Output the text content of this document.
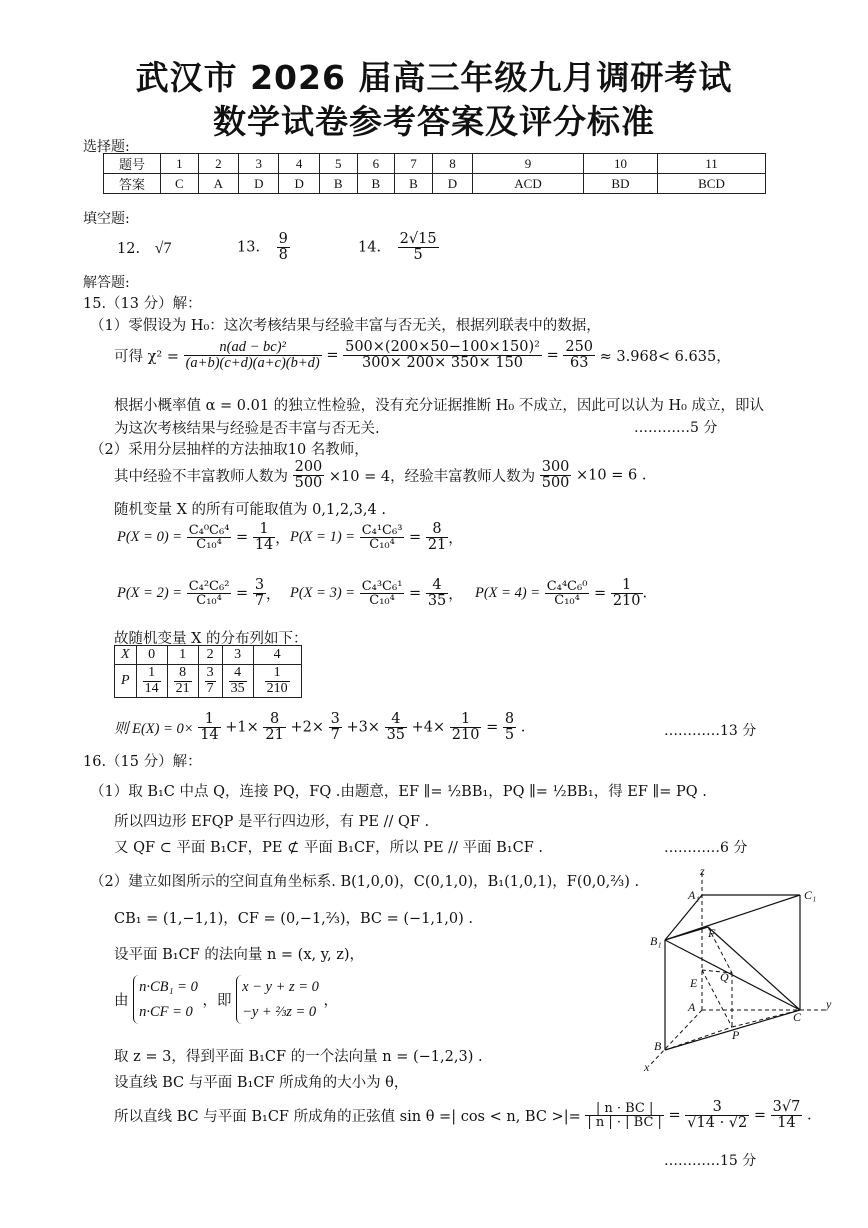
武汉市 2026 届高三年级九月调研考试
数学试卷参考答案及评分标准
选择题:
题号	1	2	3	4	5	6	7	8	9	10	11
答案	C	A	D	D	B	B	B	D	ACD	BD	BCD
填空题:
12. √7	13. $\frac{9}{8}$	14. $\frac{2√15}{5}$
解答题:
15.（13 分）解：
（1）零假设为 H₀：这次考核结果与经验丰富与否无关，根据列联表中的数据，
可得 $\chi^2 = \frac{\text{n(ad − bc)²}}{(a+b)(c+d)(a+c)(b+d)} = \frac{\text{500×(200×50−100×150)²}}{300\times 200\times 350\times 150} = \frac{250}{63} \approx 3.968< 6.635$，
根据小概率值 α = 0.01 的独立性检验，没有充分证据推断 H₀ 不成立，因此可以认为 H₀ 成立，即认
为这次考核结果与经验是否丰富与否无关.	…………5 分
（2）采用分层抽样的方法抽取10 名教师，
其中经验不丰富教师人数为 $\frac{200}{500} \times 10 = 4$，经验丰富教师人数为 $\frac{300}{500} \times 10 = 6$ .
随机变量 X 的所有可能取值为 0,1,2,3,4 .
$P(X = 0) = \frac{\text{C₄⁰C₆⁴}}{\text{C₁₀⁴}} = \frac{1}{14}$ ， $P(X = 1) = \frac{\text{C₄¹C₆³}}{\text{C₁₀⁴}} = \frac{8}{21}$ ，
$P(X = 2) = \frac{\text{C₄²C₆²}}{\text{C₁₀⁴}} = \frac{3}{7}$ ， $P(X = 3) = \frac{\text{C₄³C₆¹}}{\text{C₁₀⁴}} = \frac{4}{35}$ ， $P(X = 4) = \frac{\text{C₄⁴C₆⁰}}{\text{C₁₀⁴}} = \frac{1}{210}$ .
故随机变量 X 的分布列如下：
X	0	1	2	3	4
P	$\frac{1}{14}$	$\frac{8}{21}$	$\frac{3}{7}$	$\frac{4}{35}$	$\frac{1}{210}$
则 $E(X) = 0\times \frac{1}{14} +1\times \frac{8}{21} +2\times \frac{3}{7} +3\times \frac{4}{35} +4\times \frac{1}{210} = \frac{8}{5}$ .	…………13 分
16.（15 分）解：
（1）取 B₁C 中点 Q，连接 PQ，FQ .由题意，EF ∥= ½BB₁，PQ ∥= ½BB₁，得 EF ∥= PQ .
所以四边形 EFQP 是平行四边形，有 PE // QF .
又 QF ⊂ 平面 B₁CF，PE ⊄ 平面 B₁CF，所以 PE // 平面 B₁CF .	…………6 分
（2）建立如图所示的空间直角坐标系. B(1,0,0)，C(0,1,0)，B₁(1,0,1)，F(0,0,⅔) .
CB₁ = (1,−1,1)，CF = (0,−1,⅔)，BC = (−1,1,0) .
设平面 B₁CF 的法向量 n = (x, y, z)，
由
n·CB₁ = 0
n·CF = 0
，即
x − y + z = 0
−y + ⅔z = 0
，
取 z = 3，得到平面 B₁CF 的一个法向量 n = (−1,2,3) .
设直线 BC 与平面 B₁CF 所成角的大小为 θ，
所以直线 BC 与平面 B₁CF 所成角的正弦值 sin θ =| cos < n, BC >|= $\frac{| n \cdot BC |}{| n | \cdot | BC |} = \frac{3}{√14 \cdot √2} = \frac{3√7}{14}$ .
…………15 分
z
A₁	C₁
B₁
F
E Q
A
P
C
y
B
x
